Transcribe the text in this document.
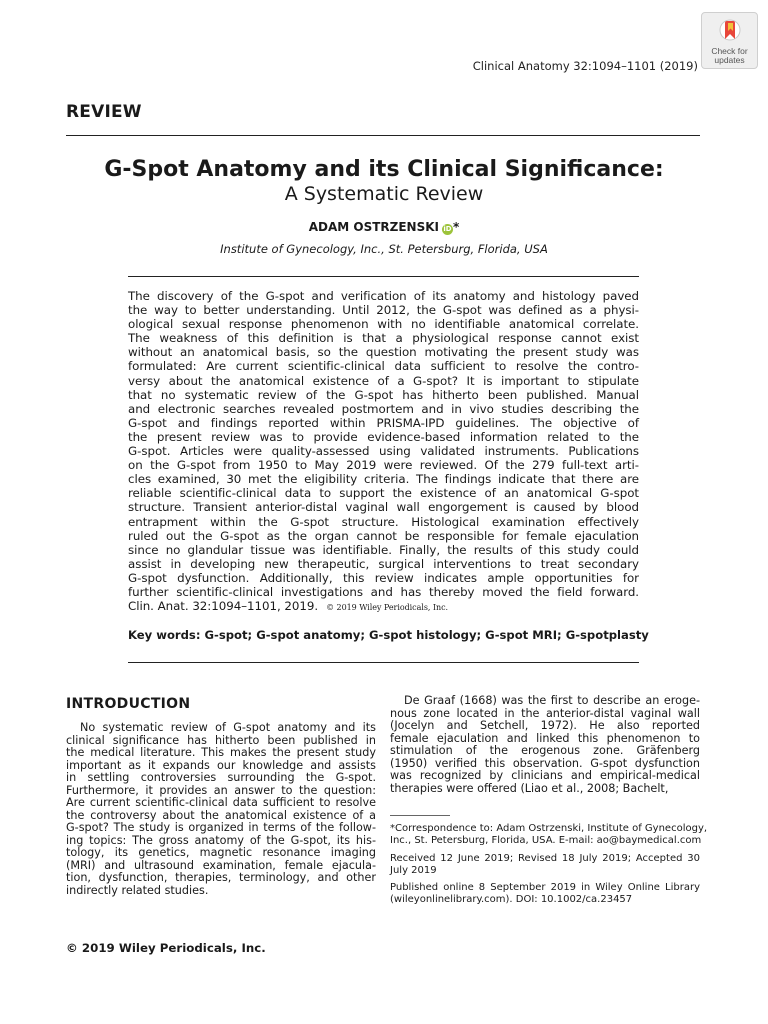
Check for
updates
Clinical Anatomy 32:1094–1101 (2019)
REVIEW
G-Spot Anatomy and its Clinical Significance:
A Systematic Review
ADAM OSTRZENSKI iD*
Institute of Gynecology, Inc., St. Petersburg, Florida, USA
The discovery of the G-spot and verification of its anatomy and histology paved
the way to better understanding. Until 2012, the G-spot was defined as a physi-
ological sexual response phenomenon with no identifiable anatomical correlate.
The weakness of this definition is that a physiological response cannot exist
without an anatomical basis, so the question motivating the present study was
formulated: Are current scientific-clinical data sufficient to resolve the contro-
versy about the anatomical existence of a G-spot? It is important to stipulate
that no systematic review of the G-spot has hitherto been published. Manual
and electronic searches revealed postmortem and in vivo studies describing the
G-spot and findings reported within PRISMA-IPD guidelines. The objective of
the present review was to provide evidence-based information related to the
G-spot. Articles were quality-assessed using validated instruments. Publications
on the G-spot from 1950 to May 2019 were reviewed. Of the 279 full-text arti-
cles examined, 30 met the eligibility criteria. The findings indicate that there are
reliable scientific-clinical data to support the existence of an anatomical G-spot
structure. Transient anterior-distal vaginal wall engorgement is caused by blood
entrapment within the G-spot structure. Histological examination effectively
ruled out the G-spot as the organ cannot be responsible for female ejaculation
since no glandular tissue was identifiable. Finally, the results of this study could
assist in developing new therapeutic, surgical interventions to treat secondary
G-spot dysfunction. Additionally, this review indicates ample opportunities for
further scientific-clinical investigations and has thereby moved the field forward.
Clin. Anat. 32:1094–1101, 2019. © 2019 Wiley Periodicals, Inc.
Key words: G-spot; G-spot anatomy; G-spot histology; G-spot MRI; G-spotplasty
INTRODUCTION
No systematic review of G-spot anatomy and its
clinical significance has hitherto been published in
the medical literature. This makes the present study
important as it expands our knowledge and assists
in settling controversies surrounding the G-spot.
Furthermore, it provides an answer to the question:
Are current scientific-clinical data sufficient to resolve
the controversy about the anatomical existence of a
G-spot? The study is organized in terms of the follow-
ing topics: The gross anatomy of the G-spot, its his-
tology, its genetics, magnetic resonance imaging
(MRI) and ultrasound examination, female ejacula-
tion, dysfunction, therapies, terminology, and other
indirectly related studies.
De Graaf (1668) was the first to describe an eroge-
nous zone located in the anterior-distal vaginal wall
(Jocelyn and Setchell, 1972). He also reported
female ejaculation and linked this phenomenon to
stimulation of the erogenous zone. Gräfenberg
(1950) verified this observation. G-spot dysfunction
was recognized by clinicians and empirical-medical
therapies were offered (Liao et al., 2008; Bachelt,
*Correspondence to: Adam Ostrzenski, Institute of Gynecology,
Inc., St. Petersburg, Florida, USA. E-mail: ao@baymedical.com
Received 12 June 2019; Revised 18 July 2019; Accepted 30
July 2019
Published online 8 September 2019 in Wiley Online Library
(wileyonlinelibrary.com). DOI: 10.1002/ca.23457
© 2019 Wiley Periodicals, Inc.
